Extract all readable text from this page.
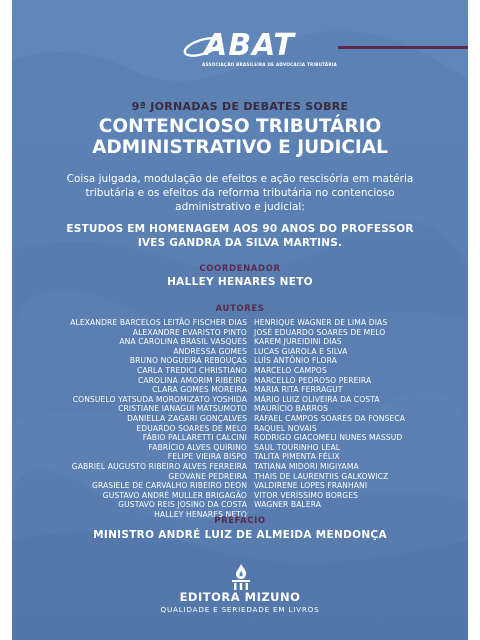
ABAT
ASSOCIAÇÃO BRASILEIRA DE ADVOCACIA TRIBUTÁRIA
9ª JORNADAS DE DEBATES SOBRE
CONTENCIOSO TRIBUTÁRIO
ADMINISTRATIVO E JUDICIAL
Coisa julgada, modulação de efeitos e ação rescisória em matéria
tributária e os efeitos da reforma tributária no contencioso
administrativo e judicial:
ESTUDOS EM HOMENAGEM AOS 90 ANOS DO PROFESSOR
IVES GANDRA DA SILVA MARTINS.
COORDENADOR
HALLEY HENARES NETO
AUTORES
ALEXANDRE BARCELOS LEITÃO FISCHER DIAS
ALEXANDRE EVARISTO PINTO
ANA CAROLINA BRASIL VASQUES
ANDRESSA GOMES
BRUNO NOGUEIRA REBOUÇAS
CARLA TREDICI CHRISTIANO
CAROLINA AMORIM RIBEIRO
CLARA GOMES MOREIRA
CONSUELO YATSUDA MOROMIZATO YOSHIDA
CRISTIANE IANAGUI MATSUMOTO
DANIELLA ZAGARI GONÇALVES
EDUARDO SOARES DE MELO
FÁBIO PALLARETTI CALCINI
FABRÍCIO ALVES QUIRINO
FELIPE VIEIRA BISPO
GABRIEL AUGUSTO RIBEIRO ALVES FERREIRA
GEOVANE PEDREIRA
GRASIELE DE CARVALHO RIBEIRO DEON
GUSTAVO ANDRÉ MULLER BRIGAGÃO
GUSTAVO REIS JOSINO DA COSTA
HALLEY HENARES NETO
HENRIQUE WAGNER DE LIMA DIAS
JOSÉ EDUARDO SOARES DE MELO
KAREM JUREIDINI DIAS
LUCAS GIAROLA E SILVA
LUÍS ANTÔNIO FLORA
MARCELO CAMPOS
MARCELLO PEDROSO PEREIRA
MARIA RITA FERRAGUT
MÁRIO LUIZ OLIVEIRA DA COSTA
MAURÍCIO BARROS
RAFAEL CAMPOS SOARES DA FONSECA
RAQUEL NOVAIS
RODRIGO GIACOMELI NUNES MASSUD
SAUL TOURINHO LEAL
TALITA PIMENTA FÉLIX
TATIANA MIDORI MIGIYAMA
THAIS DE LAURENTIIS GALKOWICZ
VALDIRENE LOPES FRANHANI
VITOR VERÍSSIMO BORGES
WAGNER BALERA
PREFÁCIO
MINISTRO ANDRÉ LUIZ DE ALMEIDA MENDONÇA
EDITORA MIZUNO
QUALIDADE E SERIEDADE EM LIVROS
